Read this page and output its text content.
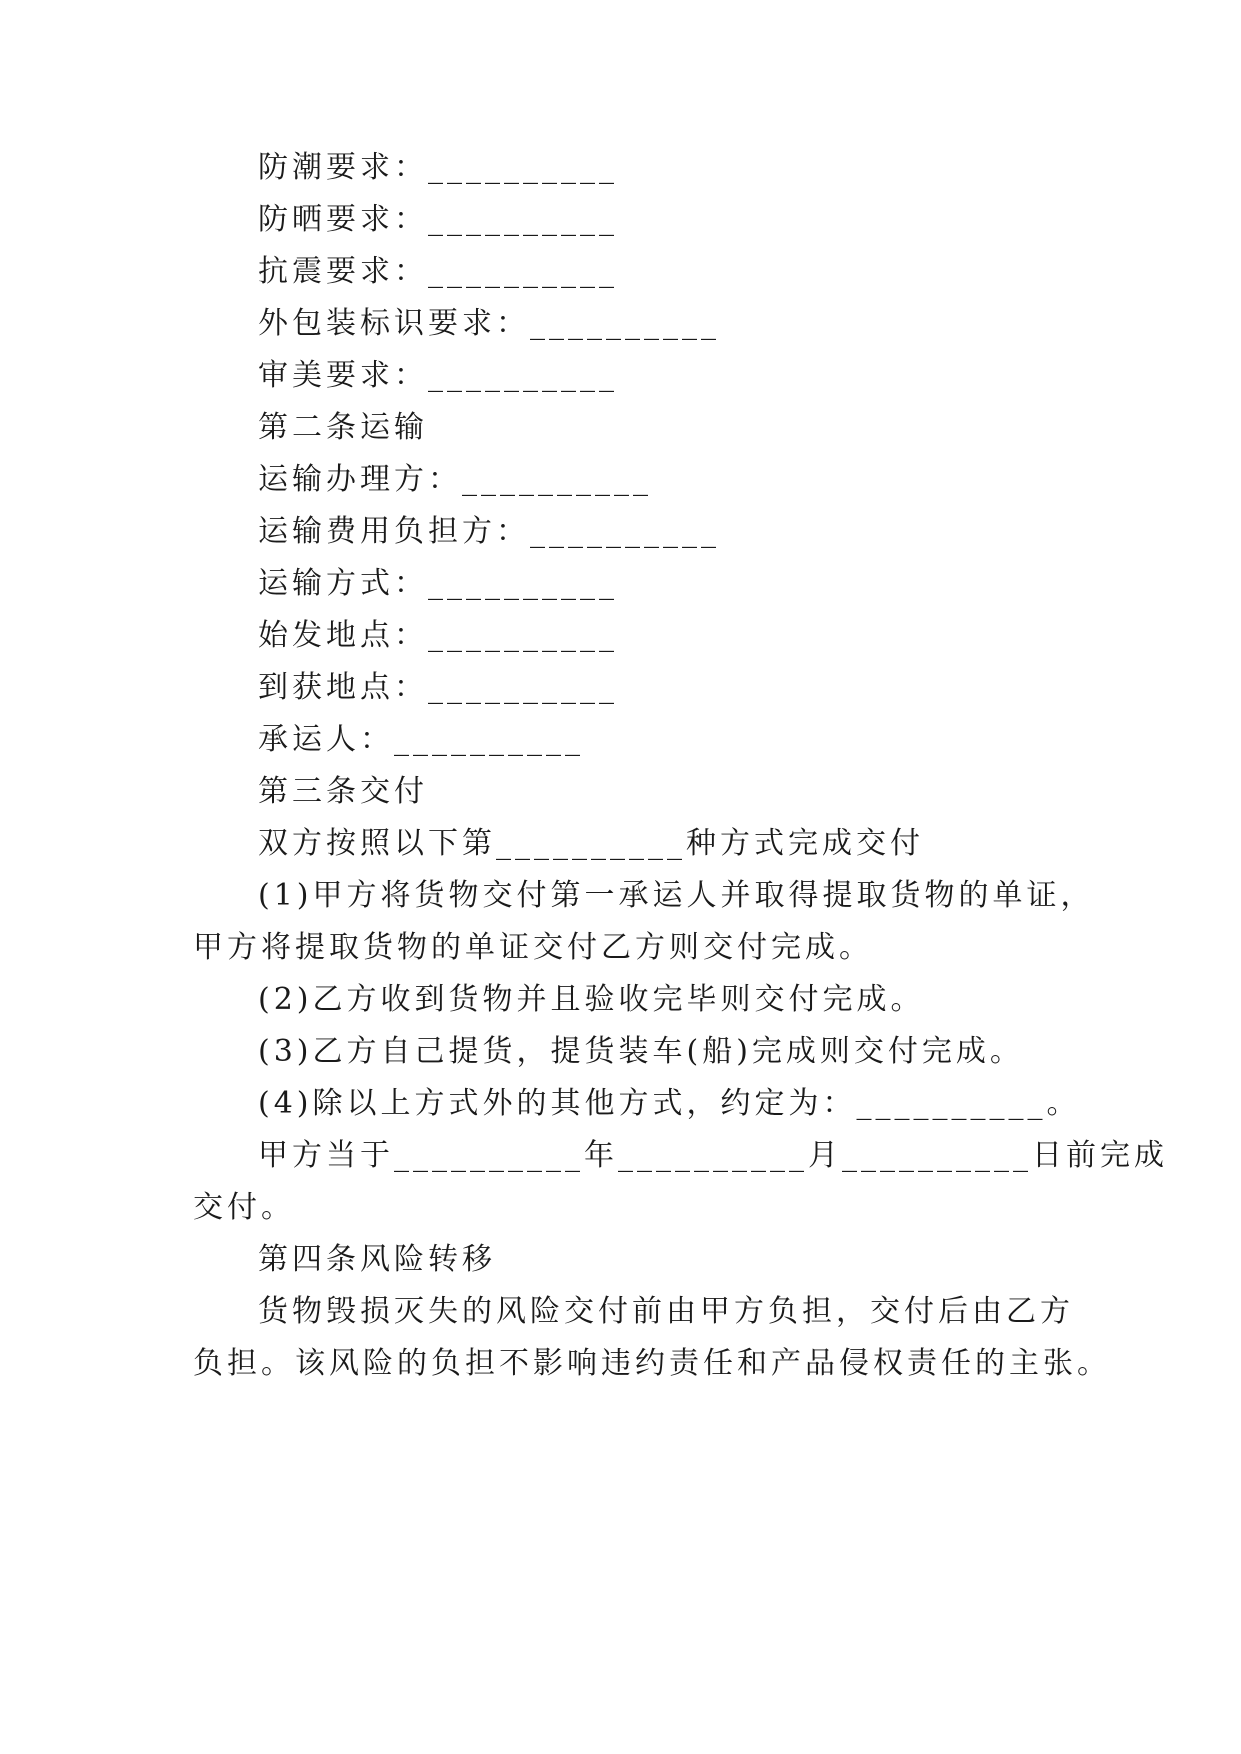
防潮要求：__________
防晒要求：__________
抗震要求：__________
外包装标识要求：__________
审美要求：__________
第二条运输
运输办理方：__________
运输费用负担方：__________
运输方式：__________
始发地点：__________
到获地点：__________
承运人：__________
第三条交付
双方按照以下第__________种方式完成交付
(1)甲方将货物交付第一承运人并取得提取货物的单证，
甲方将提取货物的单证交付乙方则交付完成。
(2)乙方收到货物并且验收完毕则交付完成。
(3)乙方自己提货，提货装车(船)完成则交付完成。
(4)除以上方式外的其他方式，约定为：__________。
甲方当于__________年__________月__________日前完成
交付。
第四条风险转移
货物毁损灭失的风险交付前由甲方负担，交付后由乙方
负担。该风险的负担不影响违约责任和产品侵权责任的主张。
